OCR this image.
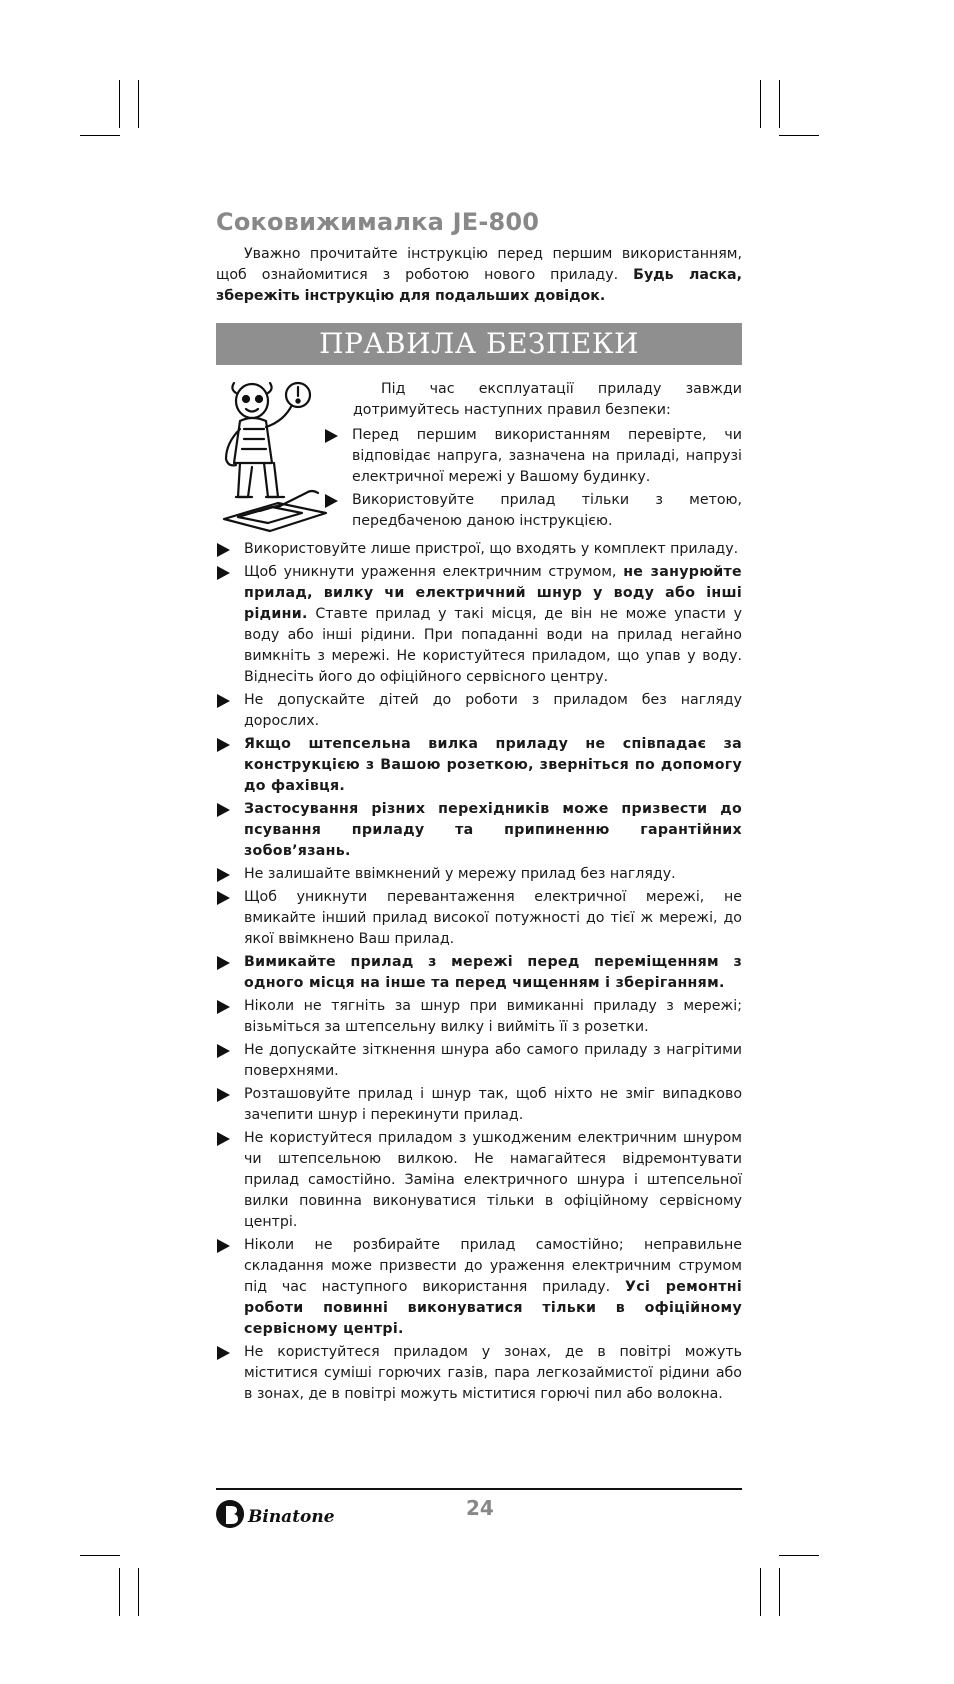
Соковижималка JE-800

Уважно прочитайте інструкцію перед першим використанням, щоб ознайомитися з роботою нового приладу. Будь ласка, збережіть інструкцію для подальших довідок.

ПРАВИЛА БЕЗПЕКИ
Під час експлуатації приладу завжди дотримуйтесь наступних правил безпеки:
Перед першим використанням перевірте, чи відповідає напруга, зазначена на приладі, напрузі електричної мережі у Вашому будинку.
Використовуйте прилад тільки з метою, передбаченою даною інструкцією.
Використовуйте лише пристрої, що входять у комплект приладу.
Щоб уникнути ураження електричним струмом, не занурюйте прилад, вилку чи електричний шнур у воду або інші рідини. Ставте прилад у такі місця, де він не може упасти у воду або інші рідини. При попаданні води на прилад негайно вимкніть з мережі. Не користуйтеся приладом, що упав у воду. Віднесіть його до офіційного сервісного центру.
Не допускайте дітей до роботи з приладом без нагляду дорослих.
Якщо штепсельна вилка приладу не співпадає за конструкцією з Вашою розеткою, зверніться по допомогу до фахівця.
Застосування різних перехідників може призвести до псування приладу та припиненню гарантійних зобов’язань.
Не залишайте ввімкнений у мережу прилад без нагляду.
Щоб уникнути перевантаження електричної мережі, не вмикайте інший прилад високої потужності до тієї ж мережі, до якої ввімкнено Ваш прилад.
Вимикайте прилад з мережі перед переміщенням з одного місця на інше та перед чищенням і зберіганням.
Ніколи не тягніть за шнур при вимиканні приладу з мережі; візьміться за штепсельну вилку і вийміть її з розетки.
Не допускайте зіткнення шнура або самого приладу з нагрітими поверхнями.
Розташовуйте прилад і шнур так, щоб ніхто не зміг випадково зачепити шнур і перекинути прилад.
Не користуйтеся приладом з ушкодженим електричним шнуром чи штепсельною вилкою. Не намагайтеся відремонтувати прилад самостійно. Заміна електричного шнура і штепсельної вилки повинна виконуватися тільки в офіційному сервісному центрі.
Ніколи не розбирайте прилад самостійно; неправильне складання може призвести до ураження електричним струмом під час наступного використання приладу. Усі ремонтні роботи повинні виконуватися тільки в офіційному сервісному центрі.
Не користуйтеся приладом у зонах, де в повітрі можуть міститися суміші горючих газів, пара легкозаймистої рідини або в зонах, де в повітрі можуть міститися горючі пил або волокна.
Binatone	24
